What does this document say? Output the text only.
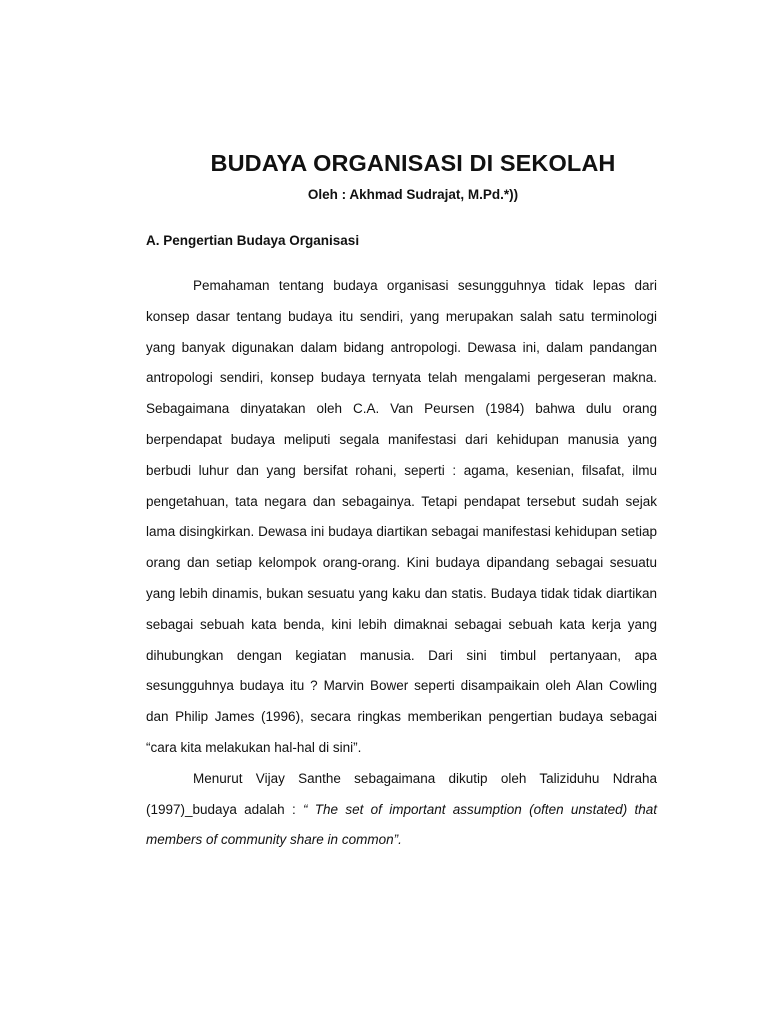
BUDAYA ORGANISASI DI SEKOLAH
Oleh : Akhmad Sudrajat, M.Pd.*))
A. Pengertian Budaya Organisasi

Pemahaman tentang budaya organisasi sesungguhnya tidak lepas dari konsep dasar tentang budaya itu sendiri, yang merupakan salah satu terminologi yang banyak digunakan dalam bidang antropologi. Dewasa ini, dalam pandangan antropologi sendiri, konsep budaya ternyata telah mengalami pergeseran makna. Sebagaimana dinyatakan oleh C.A. Van Peursen (1984) bahwa dulu orang berpendapat budaya meliputi segala manifestasi dari kehidupan manusia yang berbudi luhur dan yang bersifat rohani, seperti : agama, kesenian, filsafat, ilmu pengetahuan, tata negara dan sebagainya. Tetapi pendapat tersebut sudah sejak lama disingkirkan. Dewasa ini budaya diartikan sebagai manifestasi kehidupan setiap orang dan setiap kelompok orang-orang. Kini budaya dipandang sebagai sesuatu yang lebih dinamis, bukan sesuatu yang kaku dan statis. Budaya tidak tidak diartikan sebagai sebuah kata benda, kini lebih dimaknai sebagai sebuah kata kerja yang dihubungkan dengan kegiatan manusia. Dari sini timbul pertanyaan, apa sesungguhnya budaya itu ? Marvin Bower seperti disampaikain oleh Alan Cowling dan Philip James (1996), secara ringkas memberikan pengertian budaya sebagai “cara kita melakukan hal-hal di sini”.

Menurut Vijay Santhe sebagaimana dikutip oleh Taliziduhu Ndraha (1997)_budaya adalah : “ The set of important assumption (often unstated) that members of community share in common”.
